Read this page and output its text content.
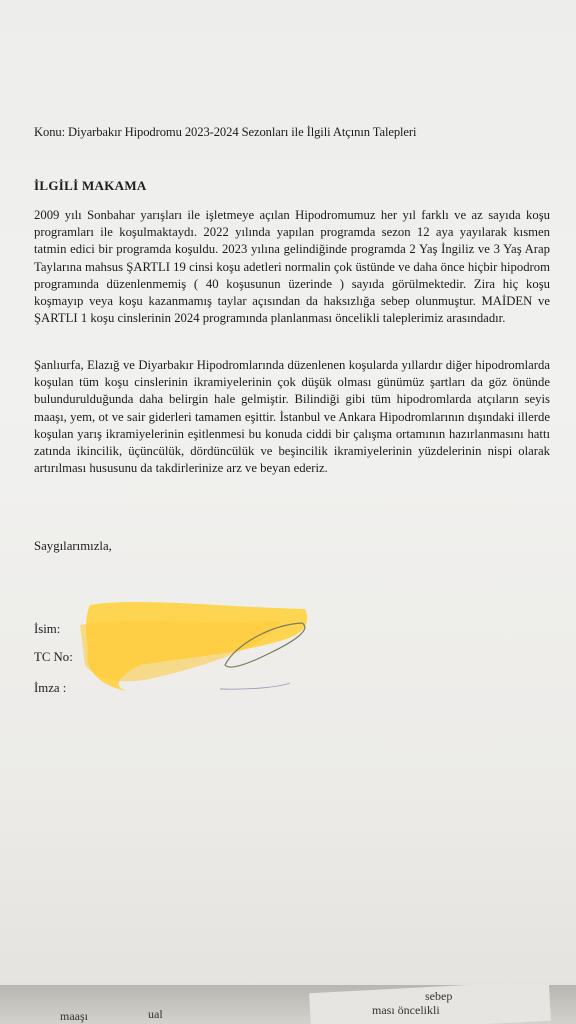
Konu: Diyarbakır Hipodromu 2023-2024 Sezonları ile İlgili Atçının Talepleri
İLGİLİ MAKAMA
2009 yılı Sonbahar yarışları ile işletmeye açılan Hipodromumuz her yıl farklı ve az sayıda koşu programları ile koşulmaktaydı. 2022 yılında yapılan programda sezon 12 aya yayılarak kısmen tatmin edici bir programda koşuldu. 2023 yılına gelindiğinde programda 2 Yaş İngiliz ve 3 Yaş Arap Taylarına mahsus ŞARTLI 19 cinsi koşu adetleri normalin çok üstünde ve daha önce hiçbir hipodrom programında düzenlenmemiş ( 40 koşusunun üzerinde ) sayıda görülmektedir. Zira hiç koşu koşmayıp veya koşu kazanmamış taylar açısından da haksızlığa sebep olunmuştur. MAİDEN ve ŞARTLI 1 koşu cinslerinin 2024 programında planlanması öncelikli taleplerimiz arasındadır.
Şanlıurfa, Elazığ ve Diyarbakır Hipodromlarında düzenlenen koşularda yıllardır diğer hipodromlarda koşulan tüm koşu cinslerinin ikramiyelerinin çok düşük olması günümüz şartları da göz önünde bulundurulduğunda daha belirgin hale gelmiştir. Bilindiği gibi tüm hipodromlarda atçıların seyis maaşı, yem, ot ve sair giderleri tamamen eşittir. İstanbul ve Ankara Hipodromlarının dışındaki illerde koşulan yarış ikramiyelerinin eşitlenmesi bu konuda ciddi bir çalışma ortamının hazırlanmasını hattı zatında ikincilik, üçüncülük, dördüncülük ve beşincilik ikramiyelerinin yüzdelerinin nispi olarak artırılması hususunu da takdirlerinize arz ve beyan ederiz.
Saygılarımızla,
İsim:
TC No:
İmza :
sebep
ması öncelikli
ual
maaşı
